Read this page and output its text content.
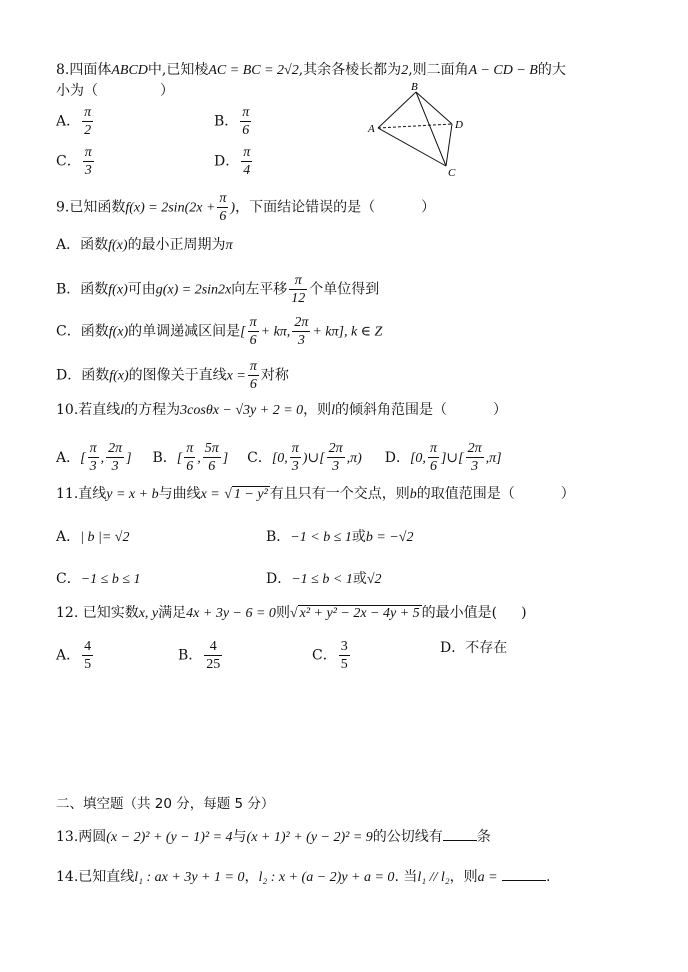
8.四面体ABCD中,已知棱AC = BC = 2√2,其余各棱长都为2,则二面角A − CD − B的大
小为（	）
A． $\frac{\pi}{2}$	B． $\frac{\pi}{6}$
C． $\frac{\pi}{3}$	D． $\frac{\pi}{4}$
B
A	D
C
9.已知函数$f(x) = 2\sin(2x + \frac{\pi}{6}$ )，下面结论错误的是（	）
A．函数f(x)的最小正周期为π
B．函数f(x)可由g(x) = 2sin2x向左平移 $\frac{\pi}{12}$ 个单位得到
C．函数f(x)的单调递减区间是[ $\frac{\pi}{6} + k\pi$, $\frac{2\pi}{3} + k\pi$], k ∈ Z
D．函数f(x)的图像关于直线$x = \frac{\pi}{6}$ 对称
10.若直线l的方程为3cosθx − √3y + 2 = 0，则l的倾斜角范围是（	）
A．[ $\frac{\pi}{3}$ , $\frac{2\pi}{3}$ ] B．[ $\frac{\pi}{6}$ , $\frac{5\pi}{6}$ ] C．[0, $\frac{\pi}{3}$ )∪[ $\frac{2\pi}{3} ,\pi$) D．[0, $\frac{\pi}{6}$ ]∪[ $\frac{2\pi}{3} ,\pi$]
11.直线y = x + b与曲线x = √ 1 − y² 有且只有一个交点，则b的取值范围是（	）
A．| b |= √2	B．−1 < b ≤ 1或b = −√2
C．−1 ≤ b ≤ 1	D．−1 ≤ b < 1或√2
12. 已知实数x, y满足4x + 3y − 6 = 0则√ x² + y² − 2x − 4y + 5 的最小值是( )
A． $\frac{4}{5}$	B． $\frac{4}{25}$	C． $\frac{3}{5}$	D．不存在
二、填空题（共 20 分，每题 5 分）
13.两圆(x − 2)² + (y − 1)² = 4与(x + 1)² + (y − 2)² = 9的公切线有 条
14.已知直线l₁ : ax + 3y + 1 = 0，l₂ : x + (a − 2)y + a = 0. 当l₁ // l₂，则a =	.
